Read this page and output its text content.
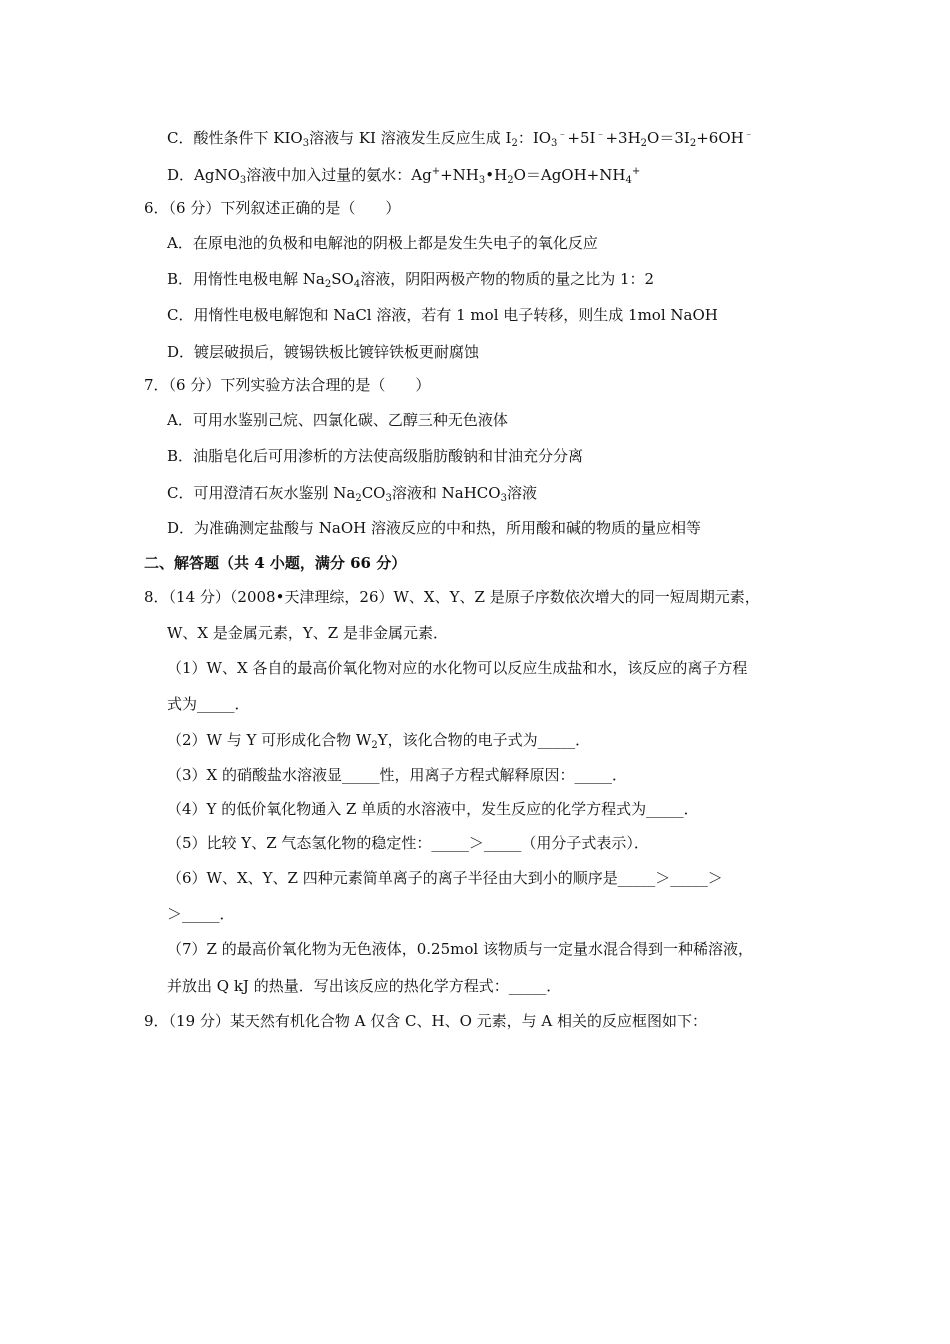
C．酸性条件下 $KIO_3$溶液与 KI 溶液发生反应生成 $I_2$：$IO_3^﹣+5I^﹣+3H_2O=3I_2+6OH^﹣$
D．AgNO$_3$溶液中加入过量的氨水：$Ag^++NH_3•H_2O=AgOH+NH_4^+$
6．（6 分）下列叙述正确的是（　　）
A．在原电池的负极和电解池的阴极上都是发生失电子的氧化反应
B．用惰性电极电解 $Na_2SO_4$溶液，阴阳两极产物的物质的量之比为 1：2
C．用惰性电极电解饱和 NaCl 溶液，若有 1 mol 电子转移，则生成 1mol NaOH
D．镀层破损后，镀锡铁板比镀锌铁板更耐腐蚀
7．（6 分）下列实验方法合理的是（　　）
A．可用水鉴别己烷、四氯化碳、乙醇三种无色液体
B．油脂皂化后可用渗析的方法使高级脂肪酸钠和甘油充分分离
C．可用澄清石灰水鉴别 $Na_2CO_3$溶液和 NaHCO$_3$溶液
D．为准确测定盐酸与 NaOH 溶液反应的中和热，所用酸和碱的物质的量应相等
二、解答题（共 4 小题，满分 66 分）
8．（14 分）（2008•天津理综，26）W、X、Y、Z 是原子序数依次增大的同一短周期元素，
W、X 是金属元素，Y、Z 是非金属元素．
（1）W、X 各自的最高价氧化物对应的水化物可以反应生成盐和水，该反应的离子方程
式为_____．
（2）W 与 Y 可形成化合物 $W_2Y$，该化合物的电子式为_____．
（3）X 的硝酸盐水溶液显_____性，用离子方程式解释原因：_____．
（4）Y 的低价氧化物通入 Z 单质的水溶液中，发生反应的化学方程式为_____．
（5）比较 Y、Z 气态氢化物的稳定性：_____＞_____（用分子式表示）．
（6）W、X、Y、Z 四种元素简单离子的离子半径由大到小的顺序是_____＞_____＞
＞_____．
（7）Z 的最高价氧化物为无色液体，0.25mol 该物质与一定量水混合得到一种稀溶液，
并放出 Q kJ 的热量．写出该反应的热化学方程式：_____．
9．（19 分）某天然有机化合物 A 仅含 C、H、O 元素，与 A 相关的反应框图如下：
